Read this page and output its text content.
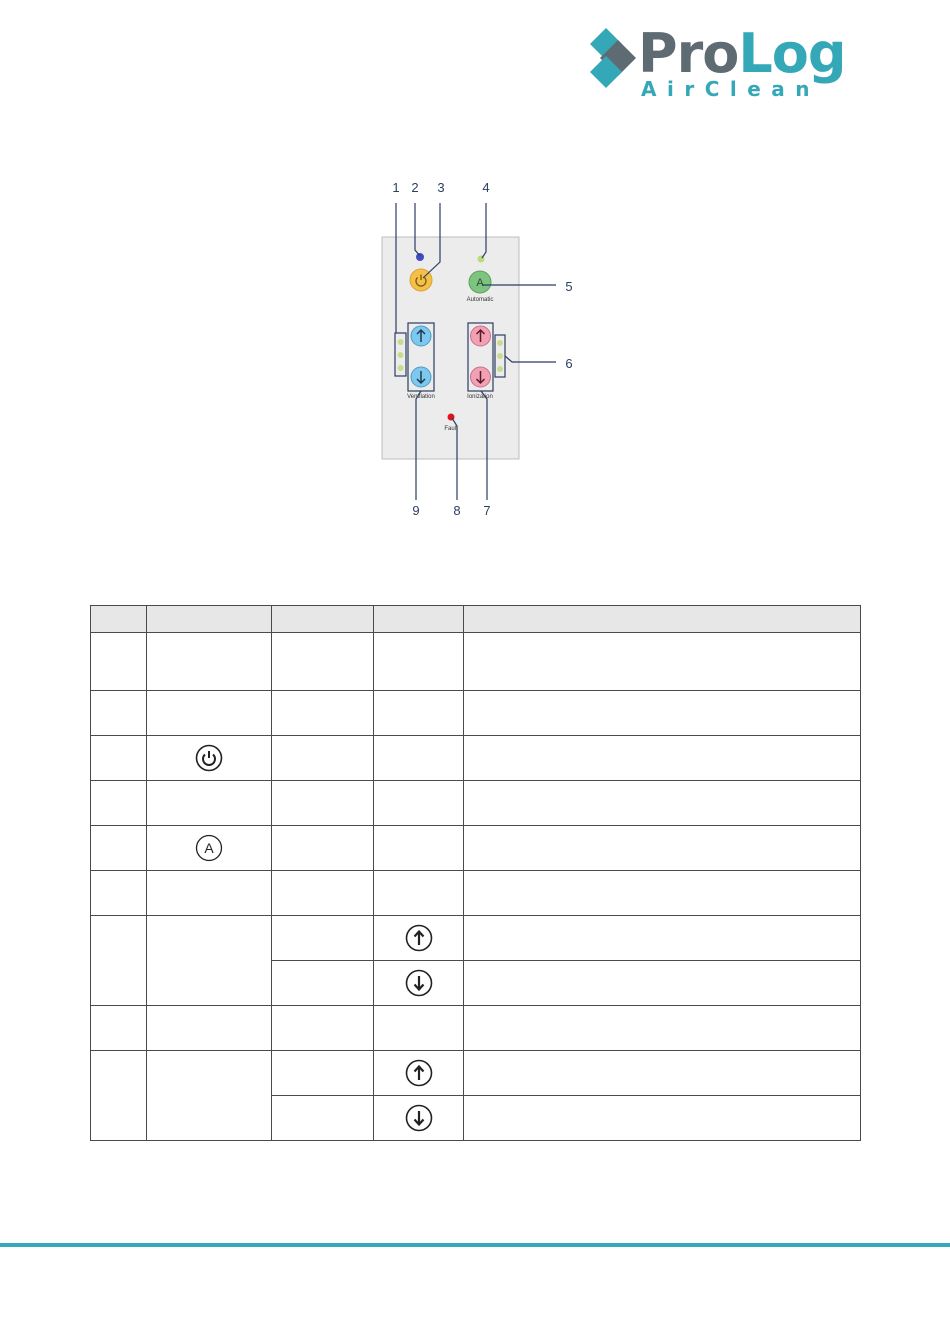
ProLog
AirClean
A
Automatic
Ventilation	Ionization
Fault
1 2 3	4
5
6
7
8
9

A			
